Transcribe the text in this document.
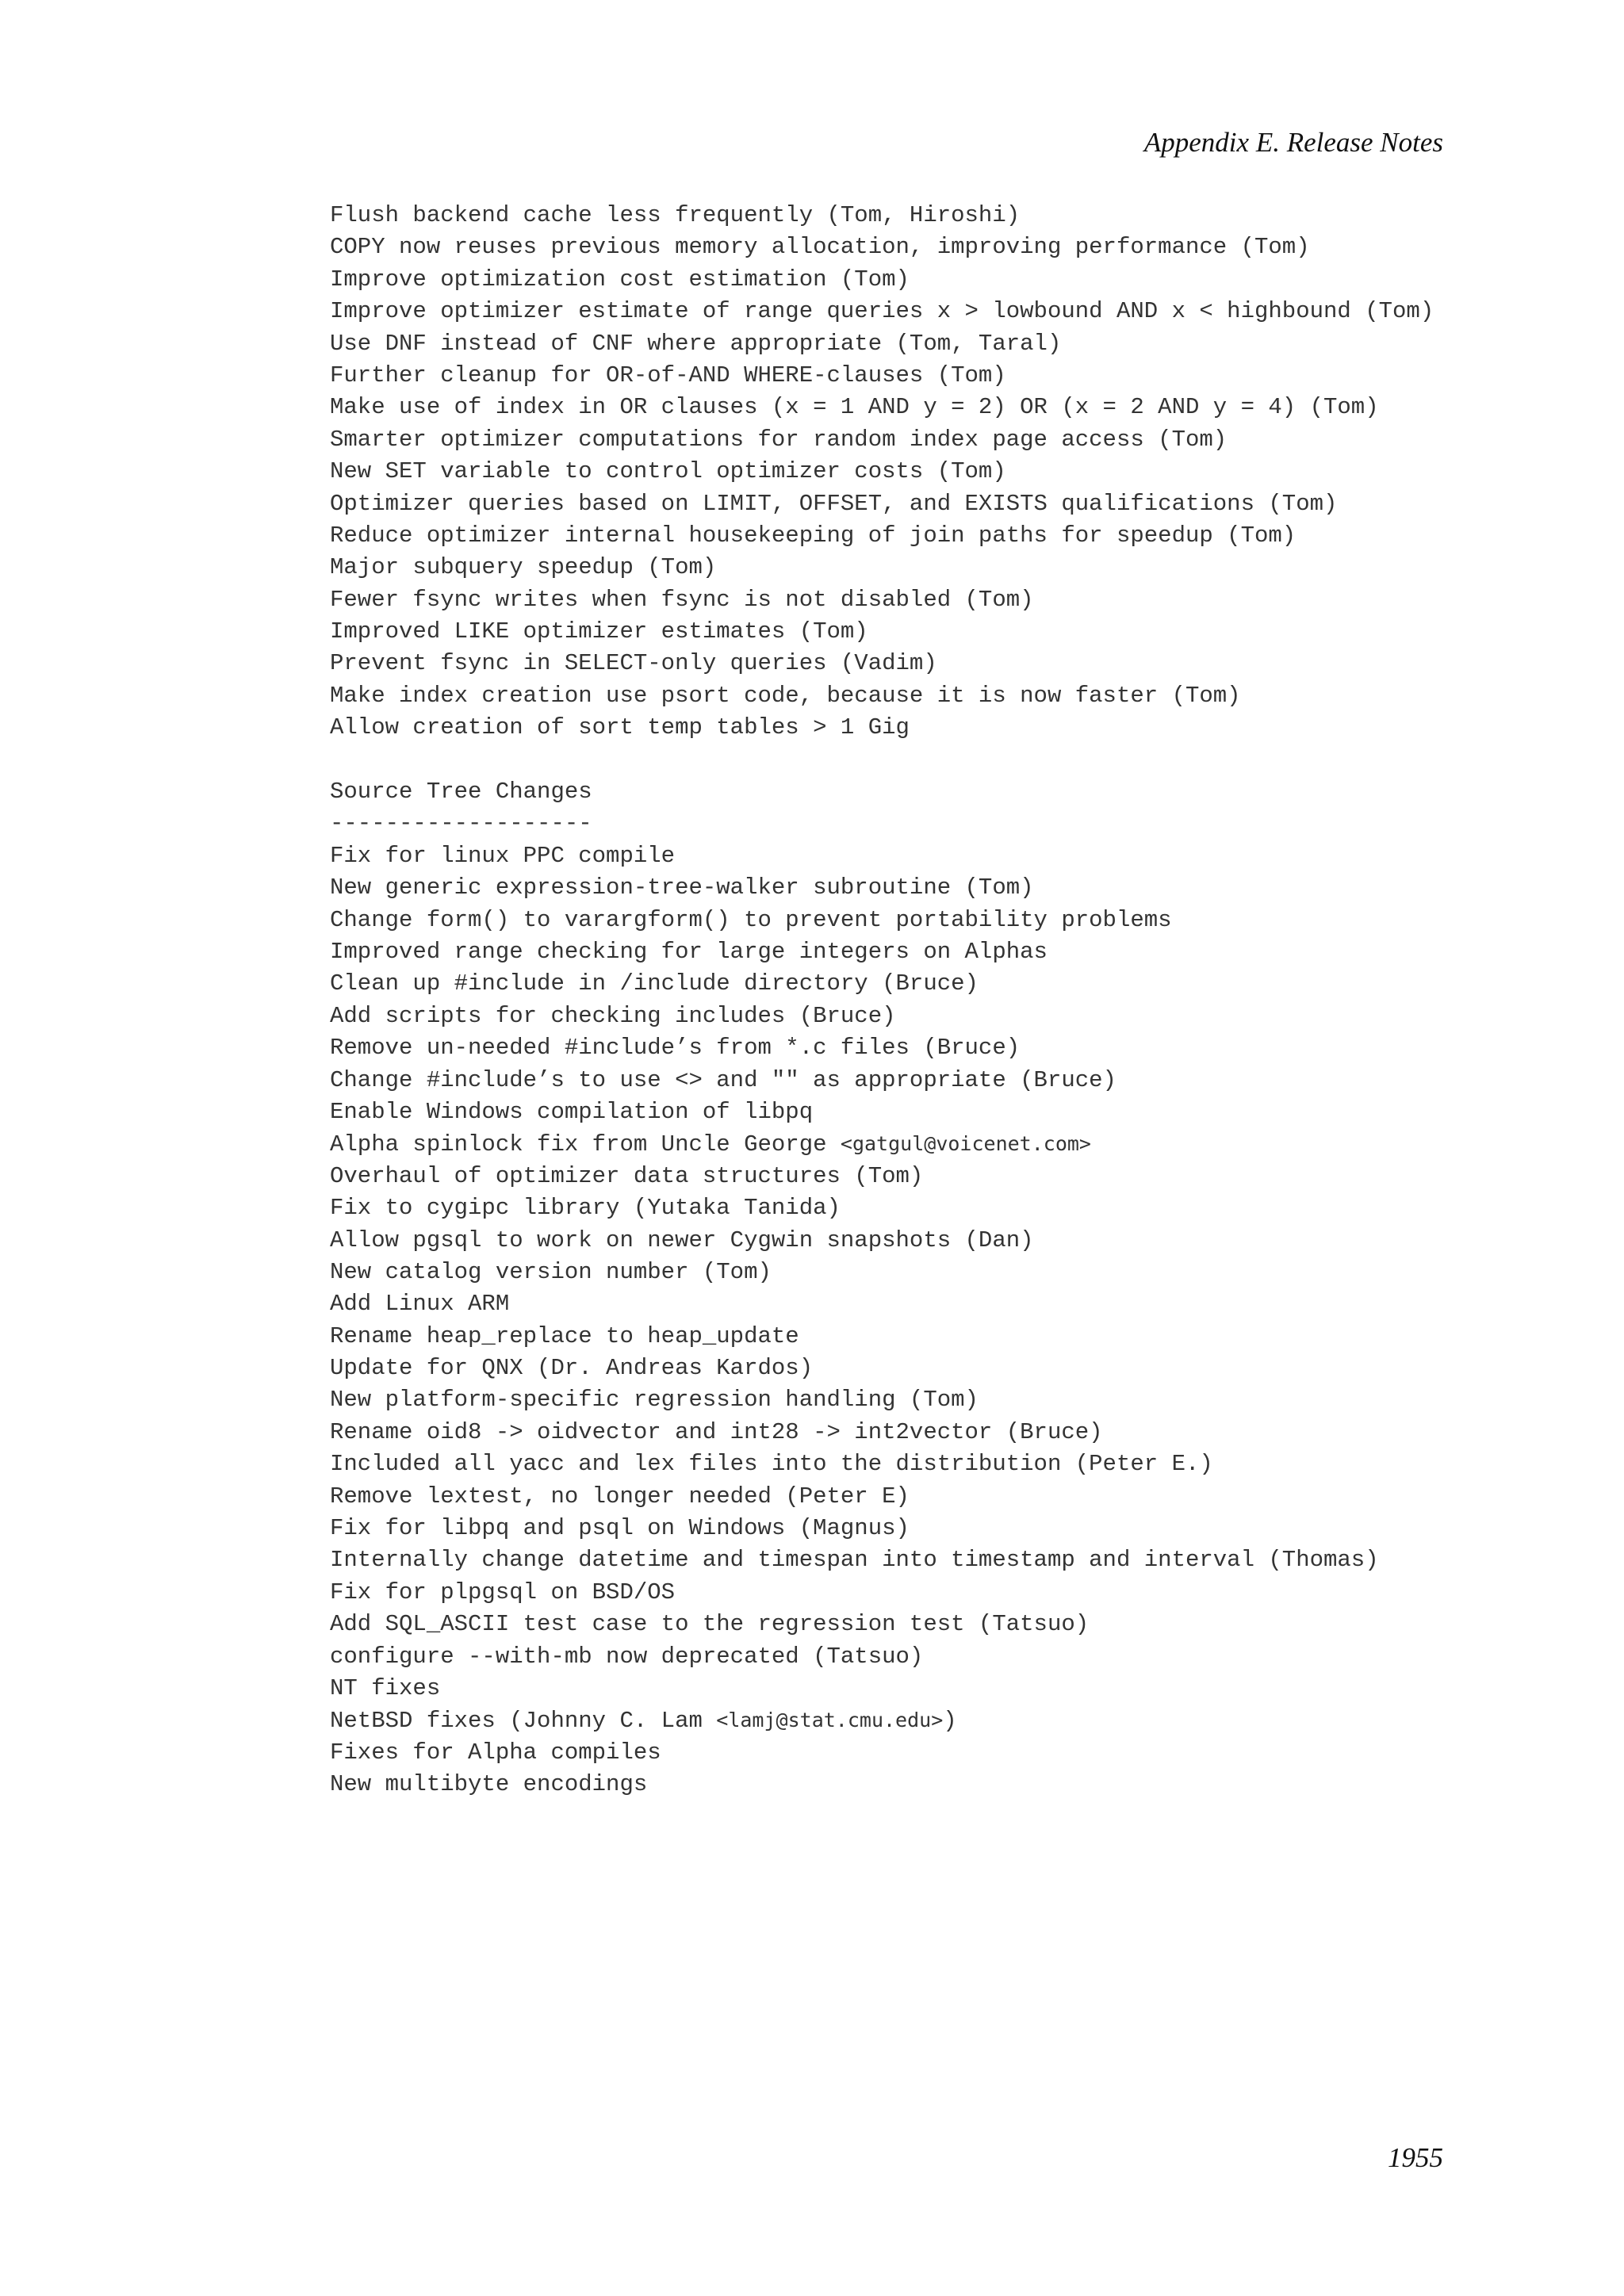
Appendix E. Release Notes
Flush backend cache less frequently (Tom, Hiroshi)
COPY now reuses previous memory allocation, improving performance (Tom)
Improve optimization cost estimation (Tom)
Improve optimizer estimate of range queries x > lowbound AND x < highbound (Tom)
Use DNF instead of CNF where appropriate (Tom, Taral)
Further cleanup for OR-of-AND WHERE-clauses (Tom)
Make use of index in OR clauses (x = 1 AND y = 2) OR (x = 2 AND y = 4) (Tom)
Smarter optimizer computations for random index page access (Tom)
New SET variable to control optimizer costs (Tom)
Optimizer queries based on LIMIT, OFFSET, and EXISTS qualifications (Tom)
Reduce optimizer internal housekeeping of join paths for speedup (Tom)
Major subquery speedup (Tom)
Fewer fsync writes when fsync is not disabled (Tom)
Improved LIKE optimizer estimates (Tom)
Prevent fsync in SELECT-only queries (Vadim)
Make index creation use psort code, because it is now faster (Tom)
Allow creation of sort temp tables > 1 Gig
Source Tree Changes
-------------------
Fix for linux PPC compile
New generic expression-tree-walker subroutine (Tom)
Change form() to varargform() to prevent portability problems
Improved range checking for large integers on Alphas
Clean up #include in /include directory (Bruce)
Add scripts for checking includes (Bruce)
Remove un-needed #include’s from *.c files (Bruce)
Change #include’s to use <> and "" as appropriate (Bruce)
Enable Windows compilation of libpq
Alpha spinlock fix from Uncle George <gatgul@voicenet.com>
Overhaul of optimizer data structures (Tom)
Fix to cygipc library (Yutaka Tanida)
Allow pgsql to work on newer Cygwin snapshots (Dan)
New catalog version number (Tom)
Add Linux ARM
Rename heap_replace to heap_update
Update for QNX (Dr. Andreas Kardos)
New platform-specific regression handling (Tom)
Rename oid8 -> oidvector and int28 -> int2vector (Bruce)
Included all yacc and lex files into the distribution (Peter E.)
Remove lextest, no longer needed (Peter E)
Fix for libpq and psql on Windows (Magnus)
Internally change datetime and timespan into timestamp and interval (Thomas)
Fix for plpgsql on BSD/OS
Add SQL_ASCII test case to the regression test (Tatsuo)
configure --with-mb now deprecated (Tatsuo)
NT fixes
NetBSD fixes (Johnny C. Lam <lamj@stat.cmu.edu>)
Fixes for Alpha compiles
New multibyte encodings
1955
